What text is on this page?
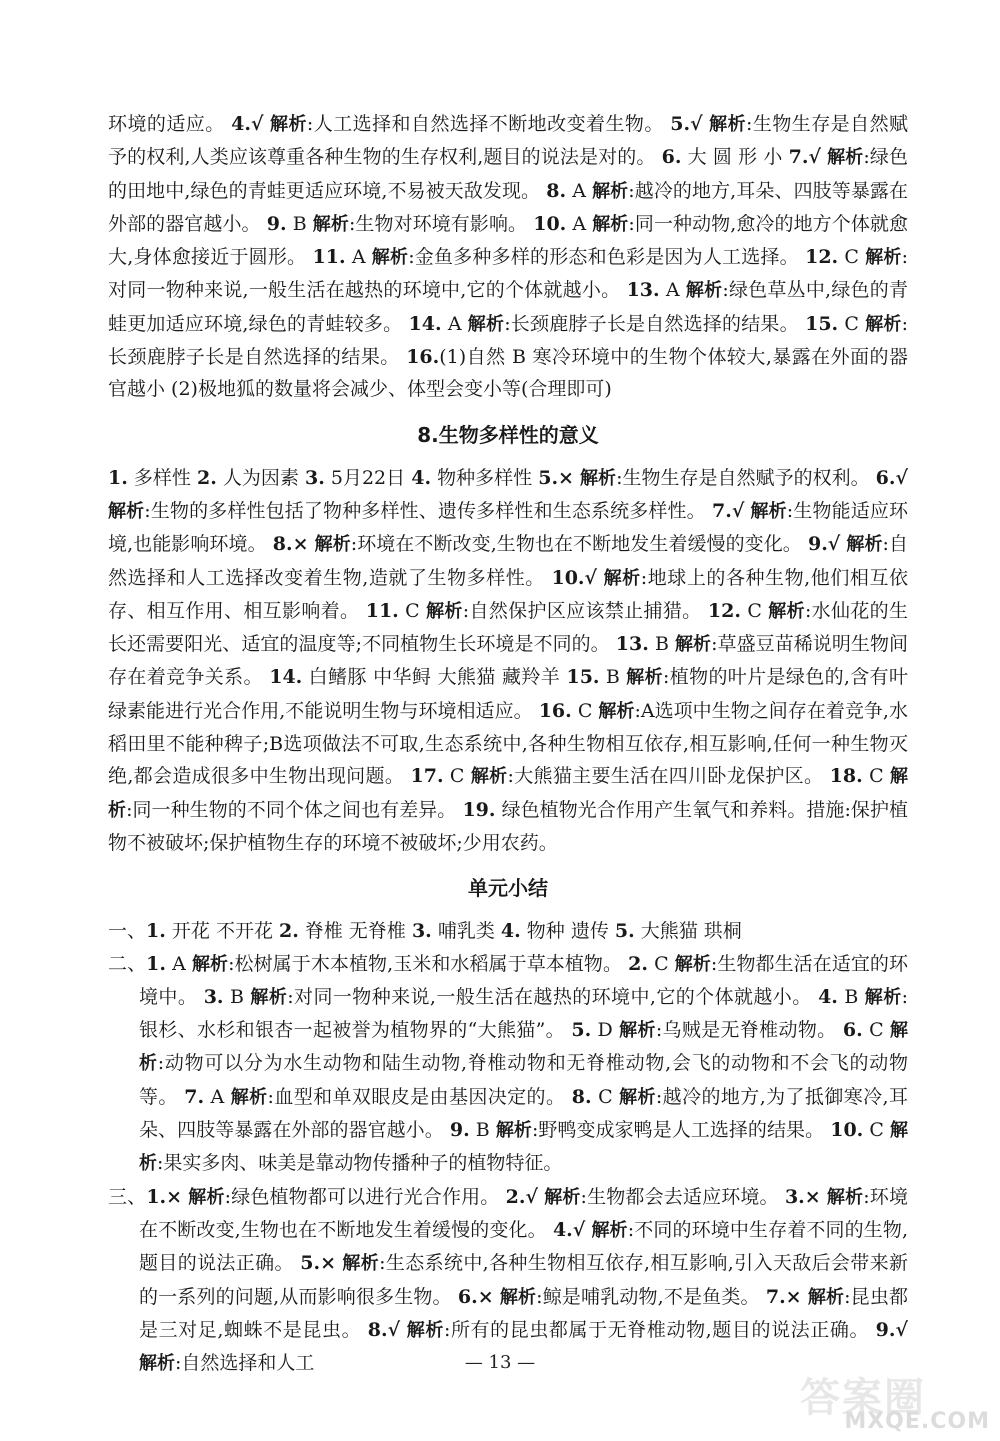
环境的适应。 4.√ 解析:人工选择和自然选择不断地改变着生物。 5.√ 解析:生物生存是自然赋予的权利,人类应该尊重各种生物的生存权利,题目的说法是对的。 6. 大 圆 形 小 7.√ 解析:绿色的田地中,绿色的青蛙更适应环境,不易被天敌发现。 8. A 解析:越冷的地方,耳朵、四肢等暴露在外部的器官越小。 9. B 解析:生物对环境有影响。 10. A 解析:同一种动物,愈冷的地方个体就愈大,身体愈接近于圆形。 11. A 解析:金鱼多种多样的形态和色彩是因为人工选择。 12. C 解析:对同一物种来说,一般生活在越热的环境中,它的个体就越小。 13. A 解析:绿色草丛中,绿色的青蛙更加适应环境,绿色的青蛙较多。 14. A 解析:长颈鹿脖子长是自然选择的结果。 15. C 解析:长颈鹿脖子长是自然选择的结果。 16.(1)自然 B 寒冷环境中的生物个体较大,暴露在外面的器官越小 (2)极地狐的数量将会减少、体型会变小等(合理即可)

8.生物多样性的意义

1. 多样性 2. 人为因素 3. 5月22日 4. 物种多样性 5.× 解析:生物生存是自然赋予的权利。 6.√ 解析:生物的多样性包括了物种多样性、遗传多样性和生态系统多样性。 7.√ 解析:生物能适应环境,也能影响环境。 8.× 解析:环境在不断改变,生物也在不断地发生着缓慢的变化。 9.√ 解析:自然选择和人工选择改变着生物,造就了生物多样性。 10.√ 解析:地球上的各种生物,他们相互依存、相互作用、相互影响着。 11. C 解析:自然保护区应该禁止捕猎。 12. C 解析:水仙花的生长还需要阳光、适宜的温度等;不同植物生长环境是不同的。 13. B 解析:草盛豆苗稀说明生物间存在着竞争关系。 14. 白鳍豚 中华鲟 大熊猫 藏羚羊 15. B 解析:植物的叶片是绿色的,含有叶绿素能进行光合作用,不能说明生物与环境相适应。 16. C 解析:A选项中生物之间存在着竞争,水稻田里不能种稗子;B选项做法不可取,生态系统中,各种生物相互依存,相互影响,任何一种生物灭绝,都会造成很多中生物出现问题。 17. C 解析:大熊猫主要生活在四川卧龙保护区。 18. C 解析:同一种生物的不同个体之间也有差异。 19. 绿色植物光合作用产生氧气和养料。措施:保护植物不被破坏;保护植物生存的环境不被破坏;少用农药。

单元小结

一、1. 开花 不开花 2. 脊椎 无脊椎 3. 哺乳类 4. 物种 遗传 5. 大熊猫 珙桐

二、1. A 解析:松树属于木本植物,玉米和水稻属于草本植物。 2. C 解析:生物都生活在适宜的环境中。 3. B 解析:对同一物种来说,一般生活在越热的环境中,它的个体就越小。 4. B 解析:银杉、水杉和银杏一起被誉为植物界的“大熊猫”。 5. D 解析:乌贼是无脊椎动物。 6. C 解析:动物可以分为水生动物和陆生动物,脊椎动物和无脊椎动物,会飞的动物和不会飞的动物等。 7. A 解析:血型和单双眼皮是由基因决定的。 8. C 解析:越冷的地方,为了抵御寒冷,耳朵、四肢等暴露在外部的器官越小。 9. B 解析:野鸭变成家鸭是人工选择的结果。 10. C 解析:果实多肉、味美是靠动物传播种子的植物特征。

三、1.× 解析:绿色植物都可以进行光合作用。 2.√ 解析:生物都会去适应环境。 3.× 解析:环境在不断改变,生物也在不断地发生着缓慢的变化。 4.√ 解析:不同的环境中生存着不同的生物,题目的说法正确。 5.× 解析:生态系统中,各种生物相互依存,相互影响,引入天敌后会带来新的一系列的问题,从而影响很多生物。 6.× 解析:鲸是哺乳动物,不是鱼类。 7.× 解析:昆虫都是三对足,蜘蛛不是昆虫。 8.√ 解析:所有的昆虫都属于无脊椎动物,题目的说法正确。 9.√ 解析:自然选择和人工	— 13 —
答案圈
MXQE.COM
